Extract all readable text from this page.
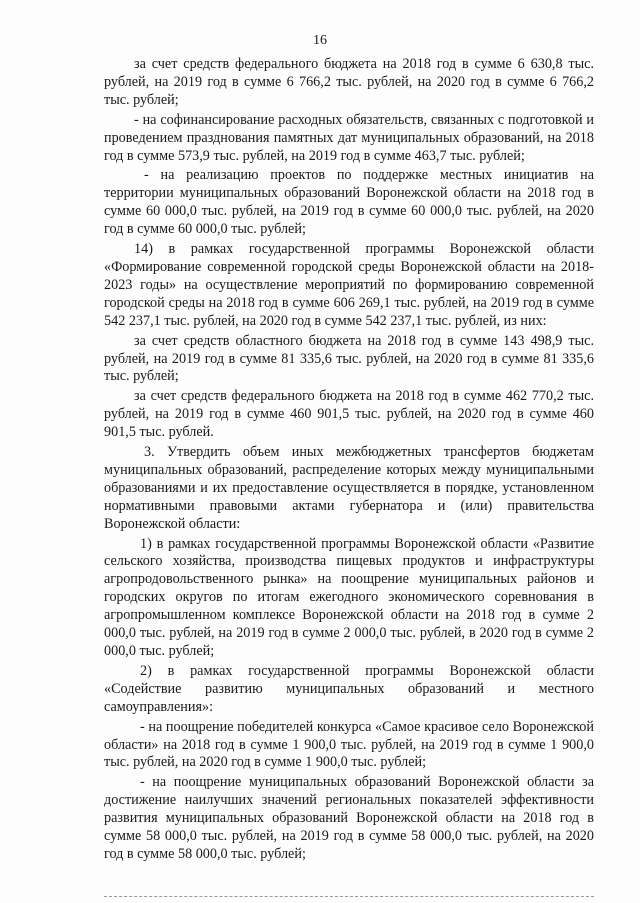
16

за счет средств федерального бюджета на 2018 год в сумме 6 630,8 тыс. рублей, на 2019 год в сумме 6 766,2 тыс. рублей, на 2020 год в сумме 6 766,2 тыс. рублей;

- на софинансирование расходных обязательств, связанных с подготовкой и проведением празднования памятных дат муниципальных образований, на 2018 год в сумме 573,9 тыс. рублей, на 2019 год в сумме 463,7 тыс. рублей;

- на реализацию проектов по поддержке местных инициатив на территории муниципальных образований Воронежской области на 2018 год в сумме 60 000,0 тыс. рублей, на 2019 год в сумме 60 000,0 тыс. рублей, на 2020 год в сумме 60 000,0 тыс. рублей;

14) в рамках государственной программы Воронежской области «Формирование современной городской среды Воронежской области на 2018-2023 годы» на осуществление мероприятий по формированию современной городской среды на 2018 год в сумме 606 269,1 тыс. рублей, на 2019 год в сумме 542 237,1 тыс. рублей, на 2020 год в сумме 542 237,1 тыс. рублей, из них:

за счет средств областного бюджета на 2018 год в сумме 143 498,9 тыс. рублей, на 2019 год в сумме 81 335,6 тыс. рублей, на 2020 год в сумме 81 335,6 тыс. рублей;

за счет средств федерального бюджета на 2018 год в сумме 462 770,2 тыс. рублей, на 2019 год в сумме 460 901,5 тыс. рублей, на 2020 год в сумме 460 901,5 тыс. рублей.

3. Утвердить объем иных межбюджетных трансфертов бюджетам муниципальных образований, распределение которых между муниципальными образованиями и их предоставление осуществляется в порядке, установленном нормативными правовыми актами губернатора и (или) правительства Воронежской области:

1) в рамках государственной программы Воронежской области «Развитие сельского хозяйства, производства пищевых продуктов и инфраструктуры агропродовольственного рынка» на поощрение муниципальных районов и городских округов по итогам ежегодного экономического соревнования в агропромышленном комплексе Воронежской области на 2018 год в сумме 2 000,0 тыс. рублей, на 2019 год в сумме 2 000,0 тыс. рублей, в 2020 год в сумме 2 000,0 тыс. рублей;

2) в рамках государственной программы Воронежской области «Содействие развитию муниципальных образований и местного самоуправления»:

- на поощрение победителей конкурса «Самое красивое село Воронежской области» на 2018 год в сумме 1 900,0 тыс. рублей, на 2019 год в сумме 1 900,0 тыс. рублей, на 2020 год в сумме 1 900,0 тыс. рублей;

- на поощрение муниципальных образований Воронежской области за достижение наилучших значений региональных показателей эффективности развития муниципальных образований Воронежской области на 2018 год в сумме 58 000,0 тыс. рублей, на 2019 год в сумме 58 000,0 тыс. рублей, на 2020 год в сумме 58 000,0 тыс. рублей;
